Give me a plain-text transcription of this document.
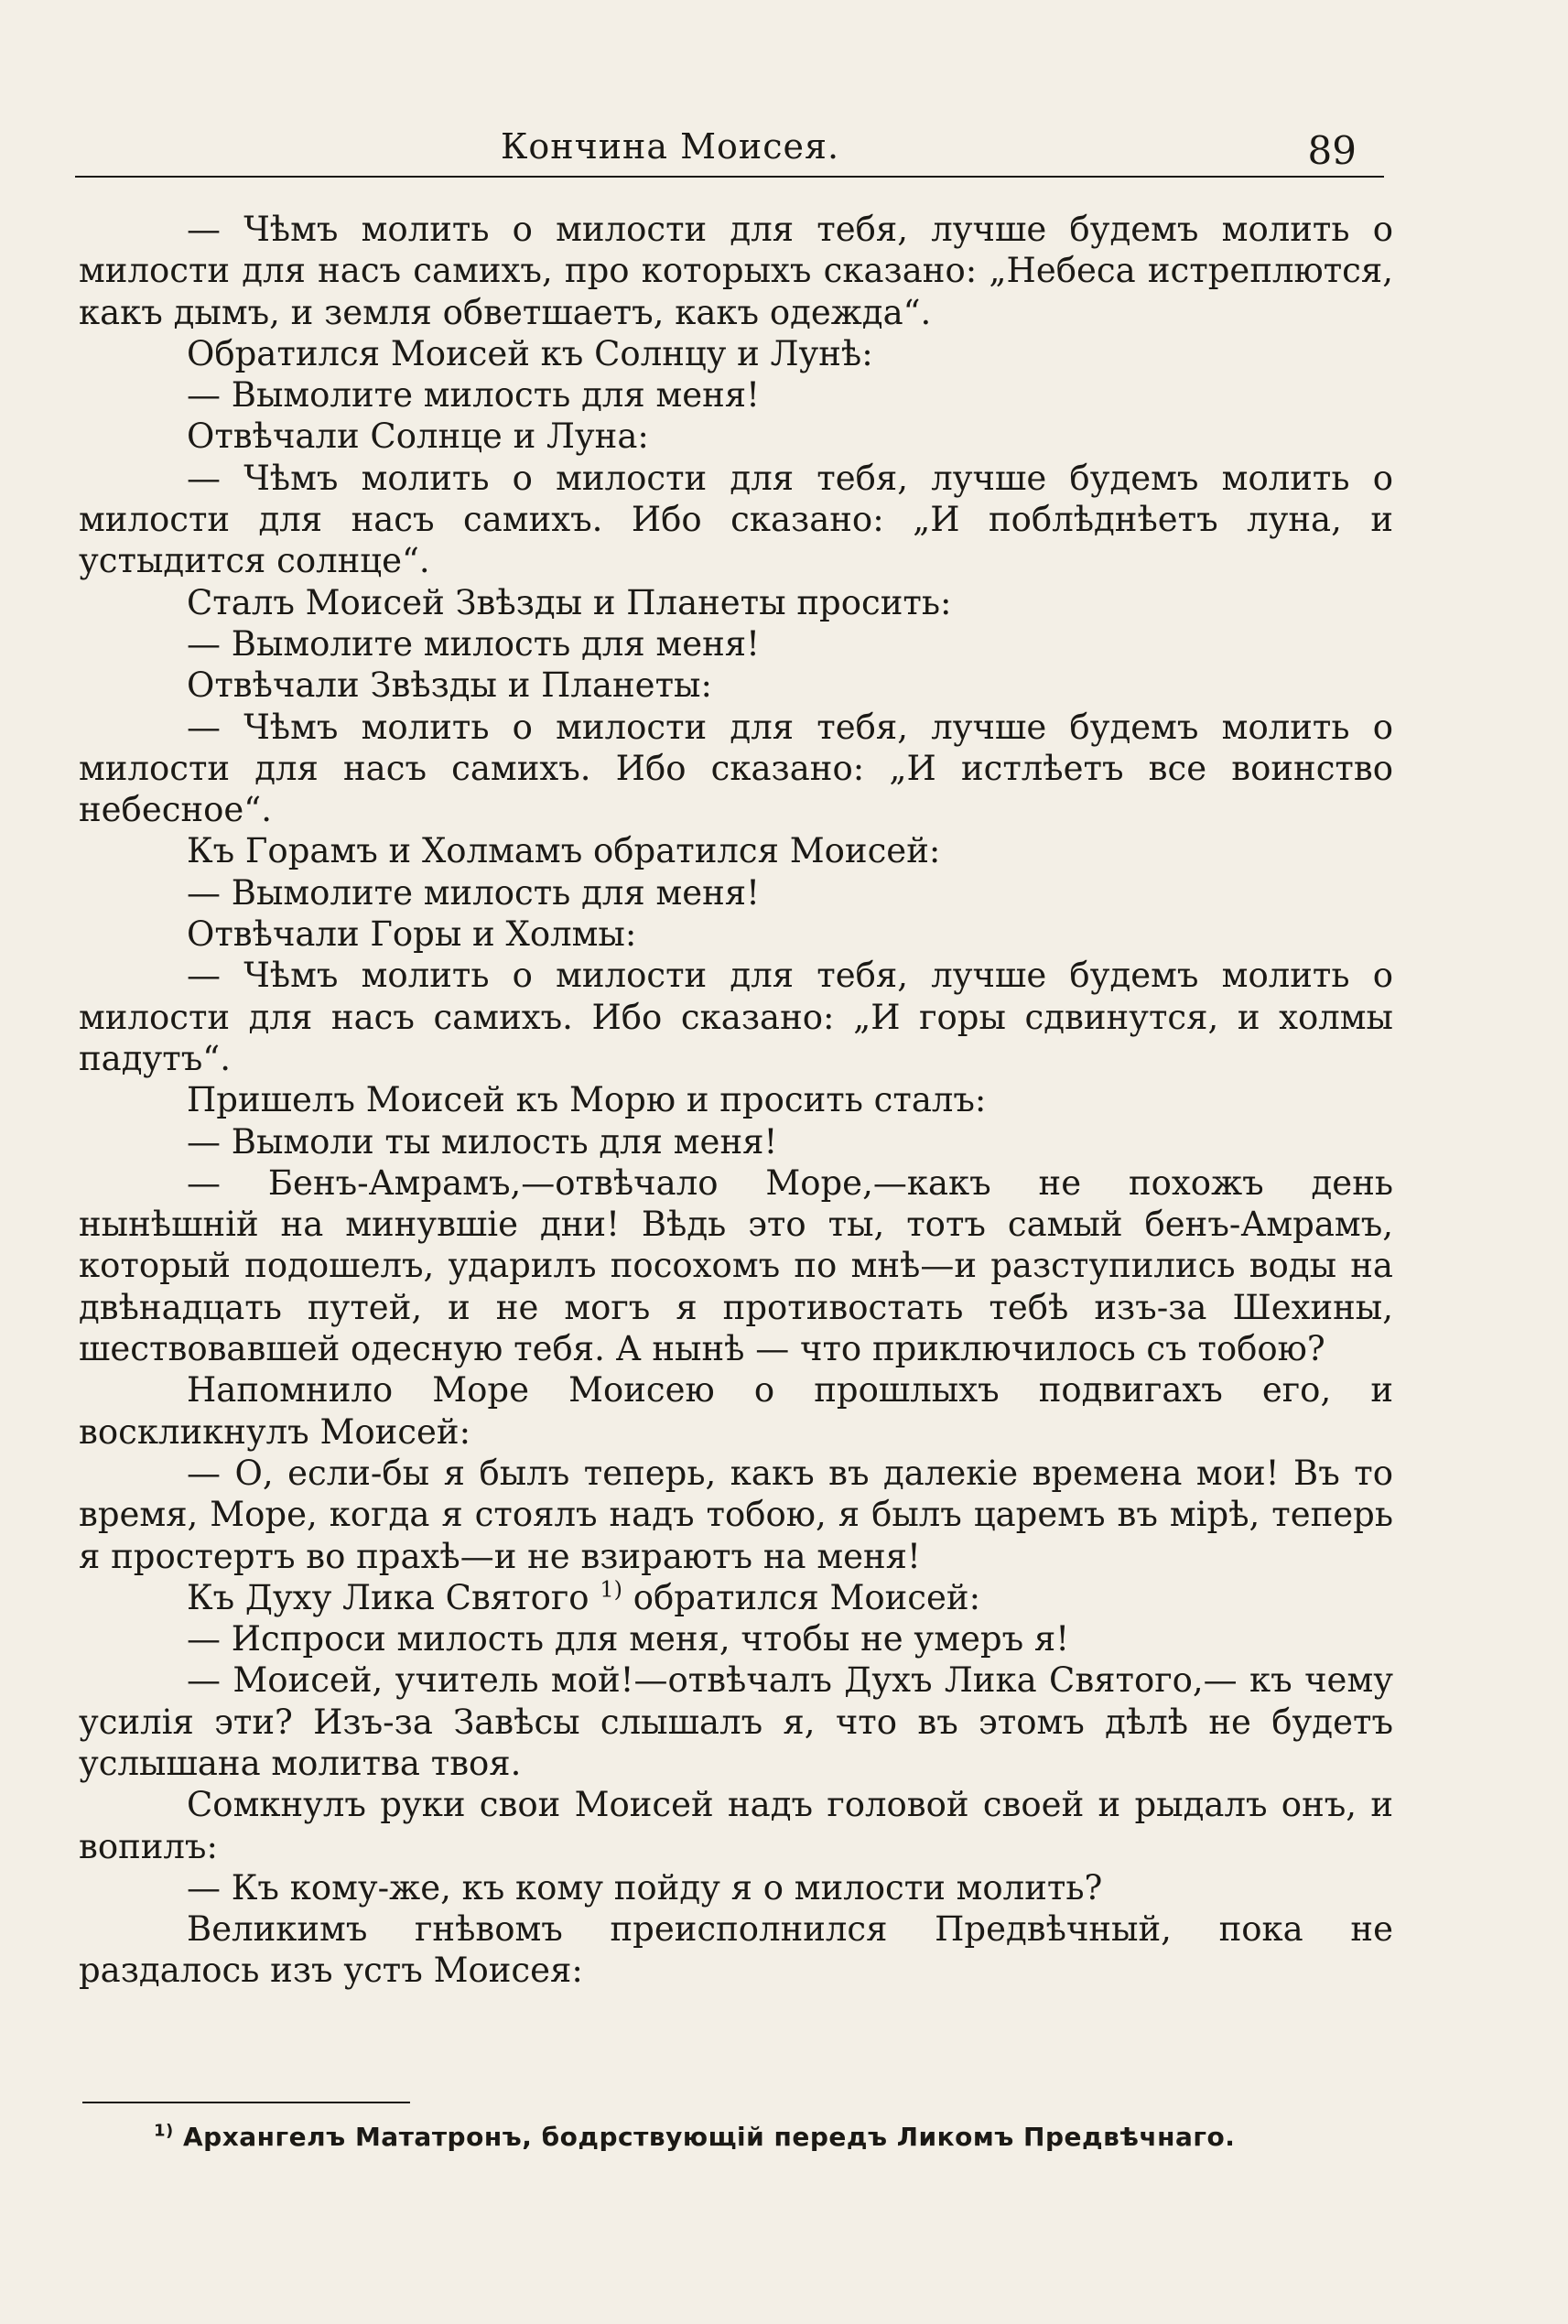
Кончина Моисея.	89

— Чѣмъ молить о милости для тебя, лучше будемъ молить о милости для насъ самихъ, про которыхъ сказано: „Небеса истреплются, какъ дымъ, и земля обветшаетъ, какъ одежда“.

Обратился Моисей къ Солнцу и Лунѣ:

— Вымолите милость для меня!

Отвѣчали Солнце и Луна:

— Чѣмъ молить о милости для тебя, лучше будемъ молить о милости для насъ самихъ. Ибо сказано: „И поблѣднѣетъ луна, и устыдится солнце“.

Сталъ Моисей Звѣзды и Планеты просить:

— Вымолите милость для меня!

Отвѣчали Звѣзды и Планеты:

— Чѣмъ молить о милости для тебя, лучше будемъ молить о милости для насъ самихъ. Ибо сказано: „И истлѣетъ все воинство небесное“.

Къ Горамъ и Холмамъ обратился Моисей:

— Вымолите милость для меня!

Отвѣчали Горы и Холмы:

— Чѣмъ молить о милости для тебя, лучше будемъ молить о милости для насъ самихъ. Ибо сказано: „И горы сдвинутся, и холмы падутъ“.

Пришелъ Моисей къ Морю и просить сталъ:

— Вымоли ты милость для меня!

— Бенъ-Амрамъ,—отвѣчало Море,—какъ не похожъ день нынѣшній на минувшіе дни! Вѣдь это ты, тотъ самый бенъ-Амрамъ, который подошелъ, ударилъ посохомъ по мнѣ—и разступились воды на двѣнадцать путей, и не могъ я противостать тебѣ изъ-за Шехины, шествовавшей одесную тебя. А нынѣ — что приключилось съ тобою?

Напомнило Море Моисею о прошлыхъ подвигахъ его, и воскликнулъ Моисей:

— О, если-бы я былъ теперь, какъ въ далекіе времена мои! Въ то время, Море, когда я стоялъ надъ тобою, я былъ царемъ въ мірѣ, теперь я простертъ во прахѣ—и не взираютъ на меня!

Къ Духу Лика Святого $^{1)}$ обратился Моисей:

— Испроси милость для меня, чтобы не умеръ я!

— Моисей, учитель мой!—отвѣчалъ Духъ Лика Святого,— къ чему усилія эти? Изъ-за Завѣсы слышалъ я, что въ этомъ дѣлѣ не будетъ услышана молитва твоя.

Сомкнулъ руки свои Моисей надъ головой своей и рыдалъ онъ, и вопилъ:

— Къ кому-же, къ кому пойду я о милости молить?

Великимъ гнѣвомъ преисполнился Предвѣчный, пока не раздалось изъ устъ Моисея:

$^{1)}$ Архангелъ Мататронъ, бодрствующій передъ Ликомъ Предвѣчнаго.
